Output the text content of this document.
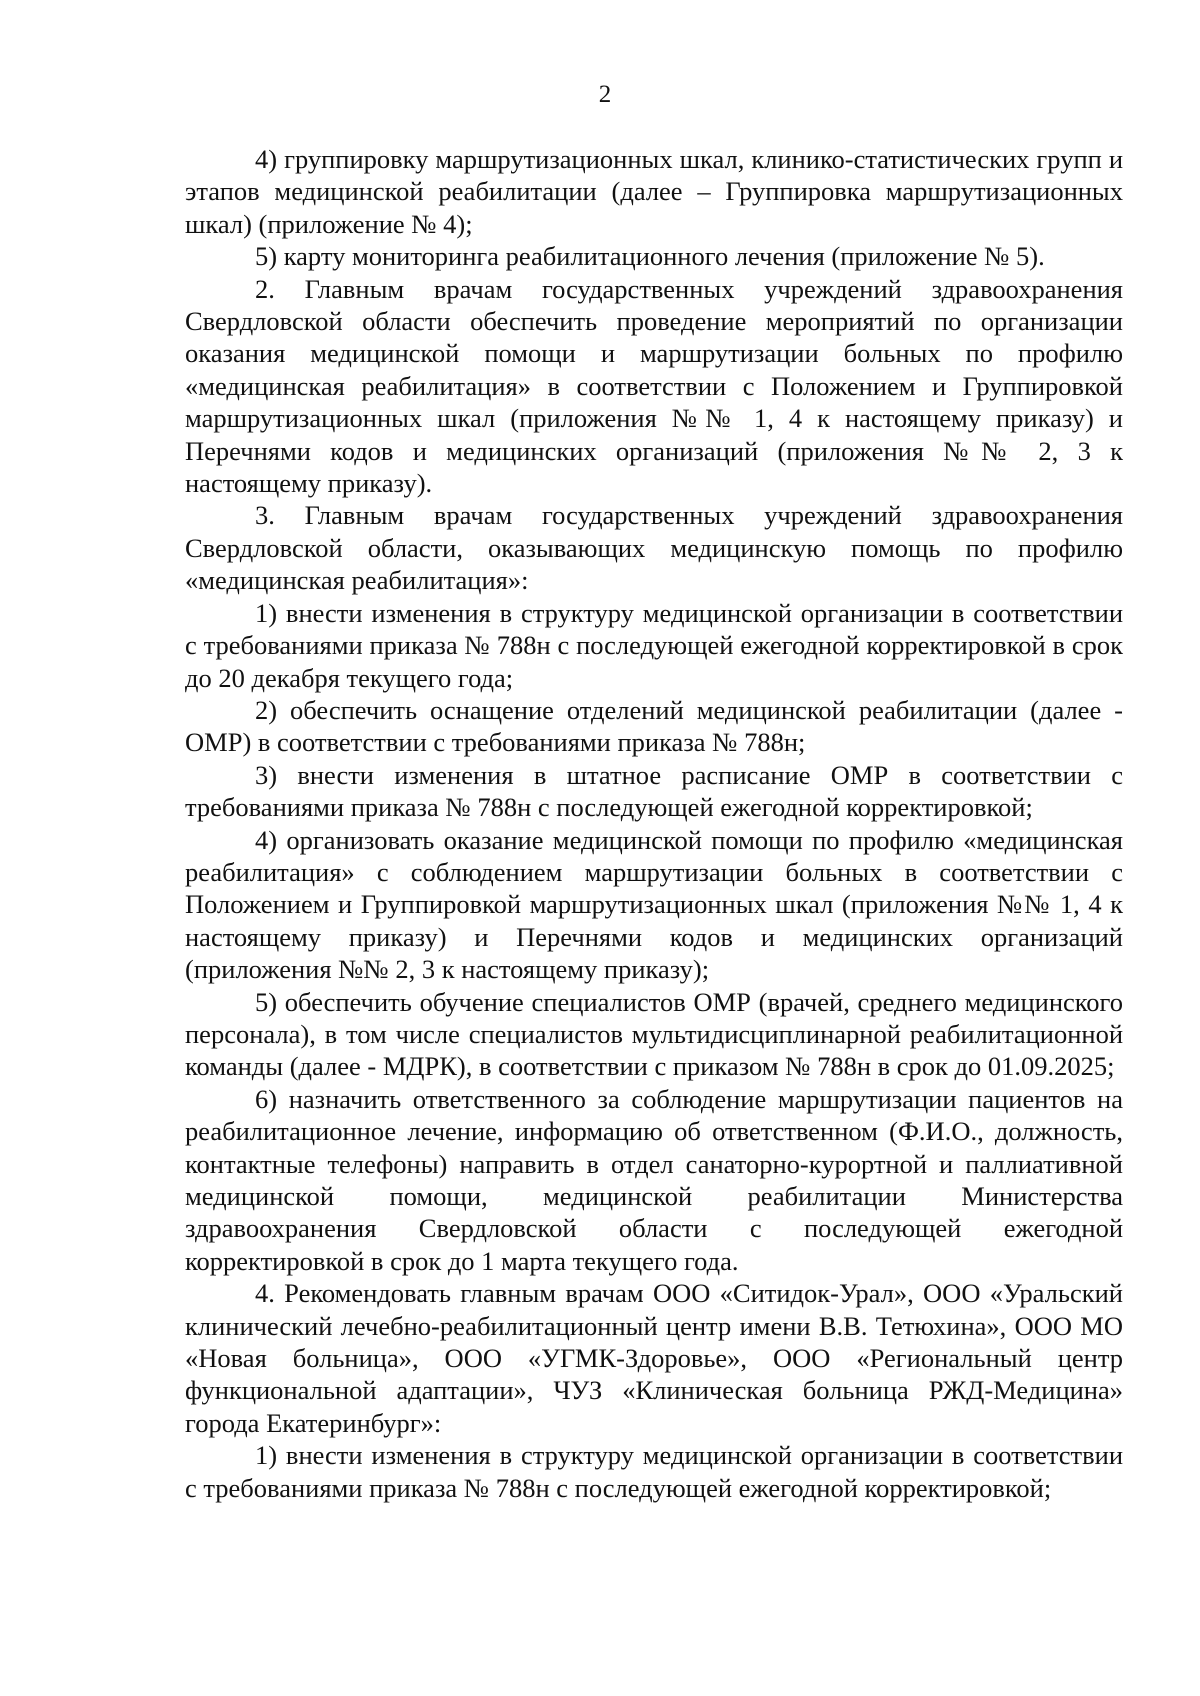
2

4) группировку маршрутизационных шкал, клинико-статистических групп и этапов медицинской реабилитации (далее – Группировка маршрутизационных шкал) (приложение № 4);

5) карту мониторинга реабилитационного лечения (приложение № 5).

2. Главным врачам государственных учреждений здравоохранения Свердловской области обеспечить проведение мероприятий по организации оказания медицинской помощи и маршрутизации больных по профилю «медицинская реабилитация» в соответствии с Положением и Группировкой маршрутизационных шкал (приложения №№ 1, 4 к настоящему приказу) и Перечнями кодов и медицинских организаций (приложения №№ 2, 3 к настоящему приказу).

3. Главным врачам государственных учреждений здравоохранения Свердловской области, оказывающих медицинскую помощь по профилю «медицинская реабилитация»:

1) внести изменения в структуру медицинской организации в соответствии с требованиями приказа № 788н с последующей ежегодной корректировкой в срок до 20 декабря текущего года;

2) обеспечить оснащение отделений медицинской реабилитации (далее - ОМР) в соответствии с требованиями приказа № 788н;

3) внести изменения в штатное расписание ОМР в соответствии с требованиями приказа № 788н с последующей ежегодной корректировкой;

4) организовать оказание медицинской помощи по профилю «медицинская реабилитация» с соблюдением маршрутизации больных в соответствии с Положением и Группировкой маршрутизационных шкал (приложения №№ 1, 4 к настоящему приказу) и Перечнями кодов и медицинских организаций (приложения №№ 2, 3 к настоящему приказу);

5) обеспечить обучение специалистов ОМР (врачей, среднего медицинского персонала), в том числе специалистов мультидисциплинарной реабилитационной команды (далее - МДРК), в соответствии с приказом № 788н в срок до 01.09.2025;

6) назначить ответственного за соблюдение маршрутизации пациентов на реабилитационное лечение, информацию об ответственном (Ф.И.О., должность, контактные телефоны) направить в отдел санаторно-курортной и паллиативной медицинской помощи, медицинской реабилитации Министерства здравоохранения Свердловской области с последующей ежегодной корректировкой в срок до 1 марта текущего года.

4. Рекомендовать главным врачам ООО «Ситидок-Урал», ООО «Уральский клинический лечебно-реабилитационный центр имени В.В. Тетюхина», ООО МО «Новая больница», ООО «УГМК-Здоровье», ООО «Региональный центр функциональной адаптации», ЧУЗ «Клиническая больница РЖД-Медицина» города Екатеринбург»:

1) внести изменения в структуру медицинской организации в соответствии с требованиями приказа № 788н с последующей ежегодной корректировкой;
